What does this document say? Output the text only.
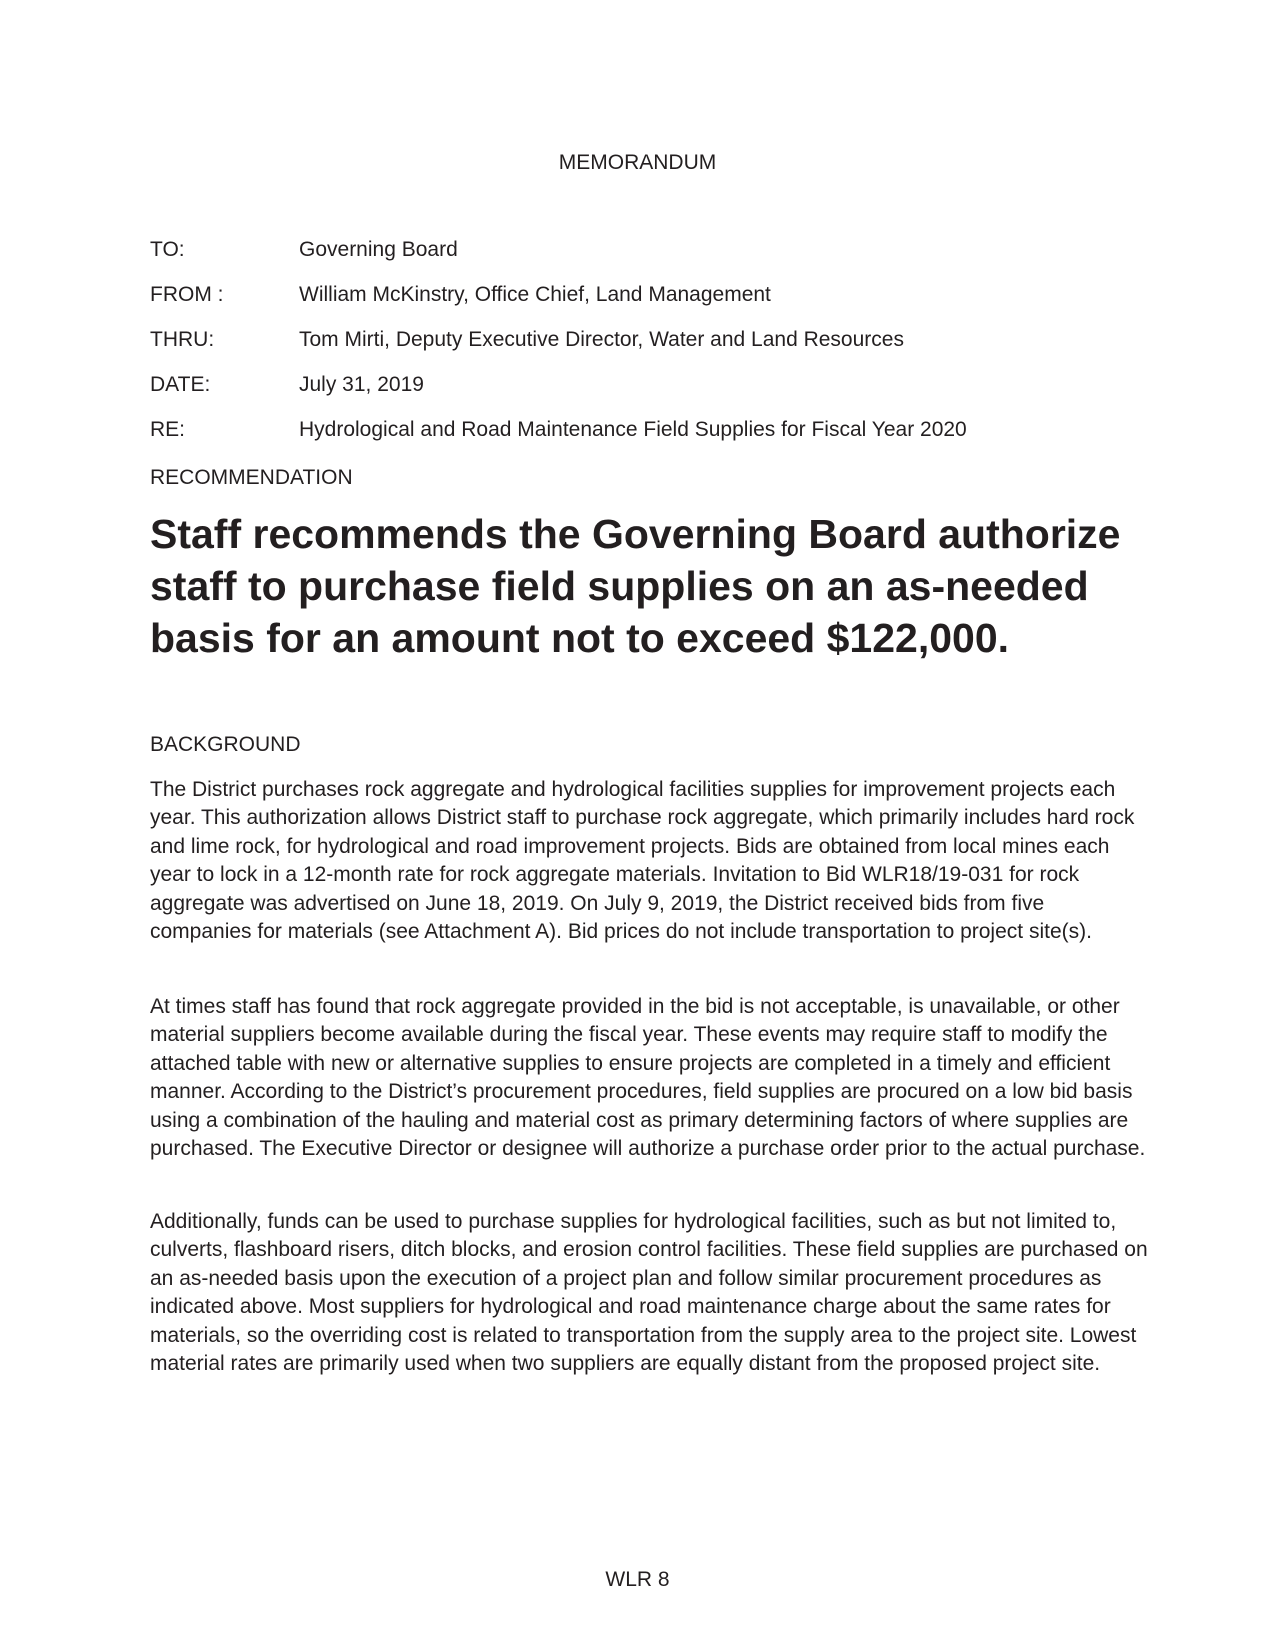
MEMORANDUM
TO:	Governing Board
FROM :	William McKinstry, Office Chief, Land Management
THRU:	Tom Mirti, Deputy Executive Director, Water and Land Resources
DATE:	July 31, 2019
RE:	Hydrological and Road Maintenance Field Supplies for Fiscal Year 2020
RECOMMENDATION

Staff recommends the Governing Board authorize staff to purchase field supplies on an as-needed basis for an amount not to exceed $122,000.

BACKGROUND

The District purchases rock aggregate and hydrological facilities supplies for improvement projects each year. This authorization allows District staff to purchase rock aggregate, which primarily includes hard rock and lime rock, for hydrological and road improvement projects. Bids are obtained from local mines each year to lock in a 12-month rate for rock aggregate materials. Invitation to Bid WLR18/19-031 for rock aggregate was advertised on June 18, 2019. On July 9, 2019, the District received bids from five companies for materials (see Attachment A). Bid prices do not include transportation to project site(s).

At times staff has found that rock aggregate provided in the bid is not acceptable, is unavailable, or other material suppliers become available during the fiscal year. These events may require staff to modify the attached table with new or alternative supplies to ensure projects are completed in a timely and efficient manner. According to the District’s procurement procedures, field supplies are procured on a low bid basis using a combination of the hauling and material cost as primary determining factors of where supplies are purchased. The Executive Director or designee will authorize a purchase order prior to the actual purchase.

Additionally, funds can be used to purchase supplies for hydrological facilities, such as but not limited to, culverts, flashboard risers, ditch blocks, and erosion control facilities. These field supplies are purchased on an as-needed basis upon the execution of a project plan and follow similar procurement procedures as indicated above. Most suppliers for hydrological and road maintenance charge about the same rates for materials, so the overriding cost is related to transportation from the supply area to the project site. Lowest material rates are primarily used when two suppliers are equally distant from the proposed project site.

WLR 8
